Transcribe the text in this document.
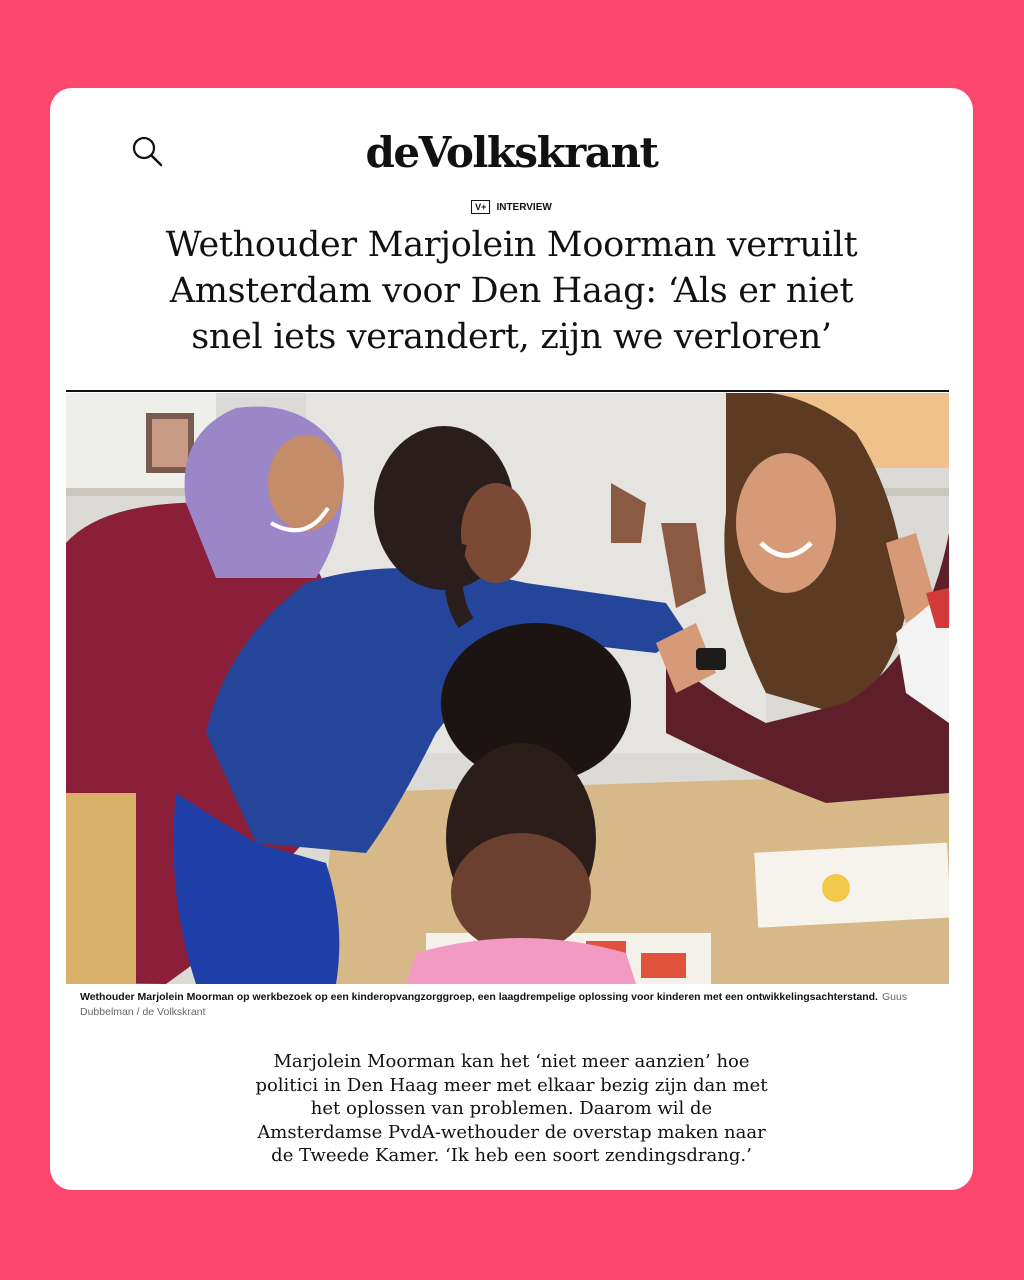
deVolkskrant
V+ INTERVIEW
Wethouder Marjolein Moorman verruilt Amsterdam voor Den Haag: ‘Als er niet snel iets verandert, zijn we verloren’
Wethouder Marjolein Moorman op werkbezoek op een kinderopvangzorggroep, een laagdrempelige oplossing voor kinderen met een ontwikkelingsachterstand. Guus Dubbelman / de Volkskrant
Marjolein Moorman kan het ‘niet meer aanzien’ hoe politici in Den Haag meer met elkaar bezig zijn dan met het oplossen van problemen. Daarom wil de Amsterdamse PvdA-wethouder de overstap maken naar de Tweede Kamer. ‘Ik heb een soort zendingsdrang.’
